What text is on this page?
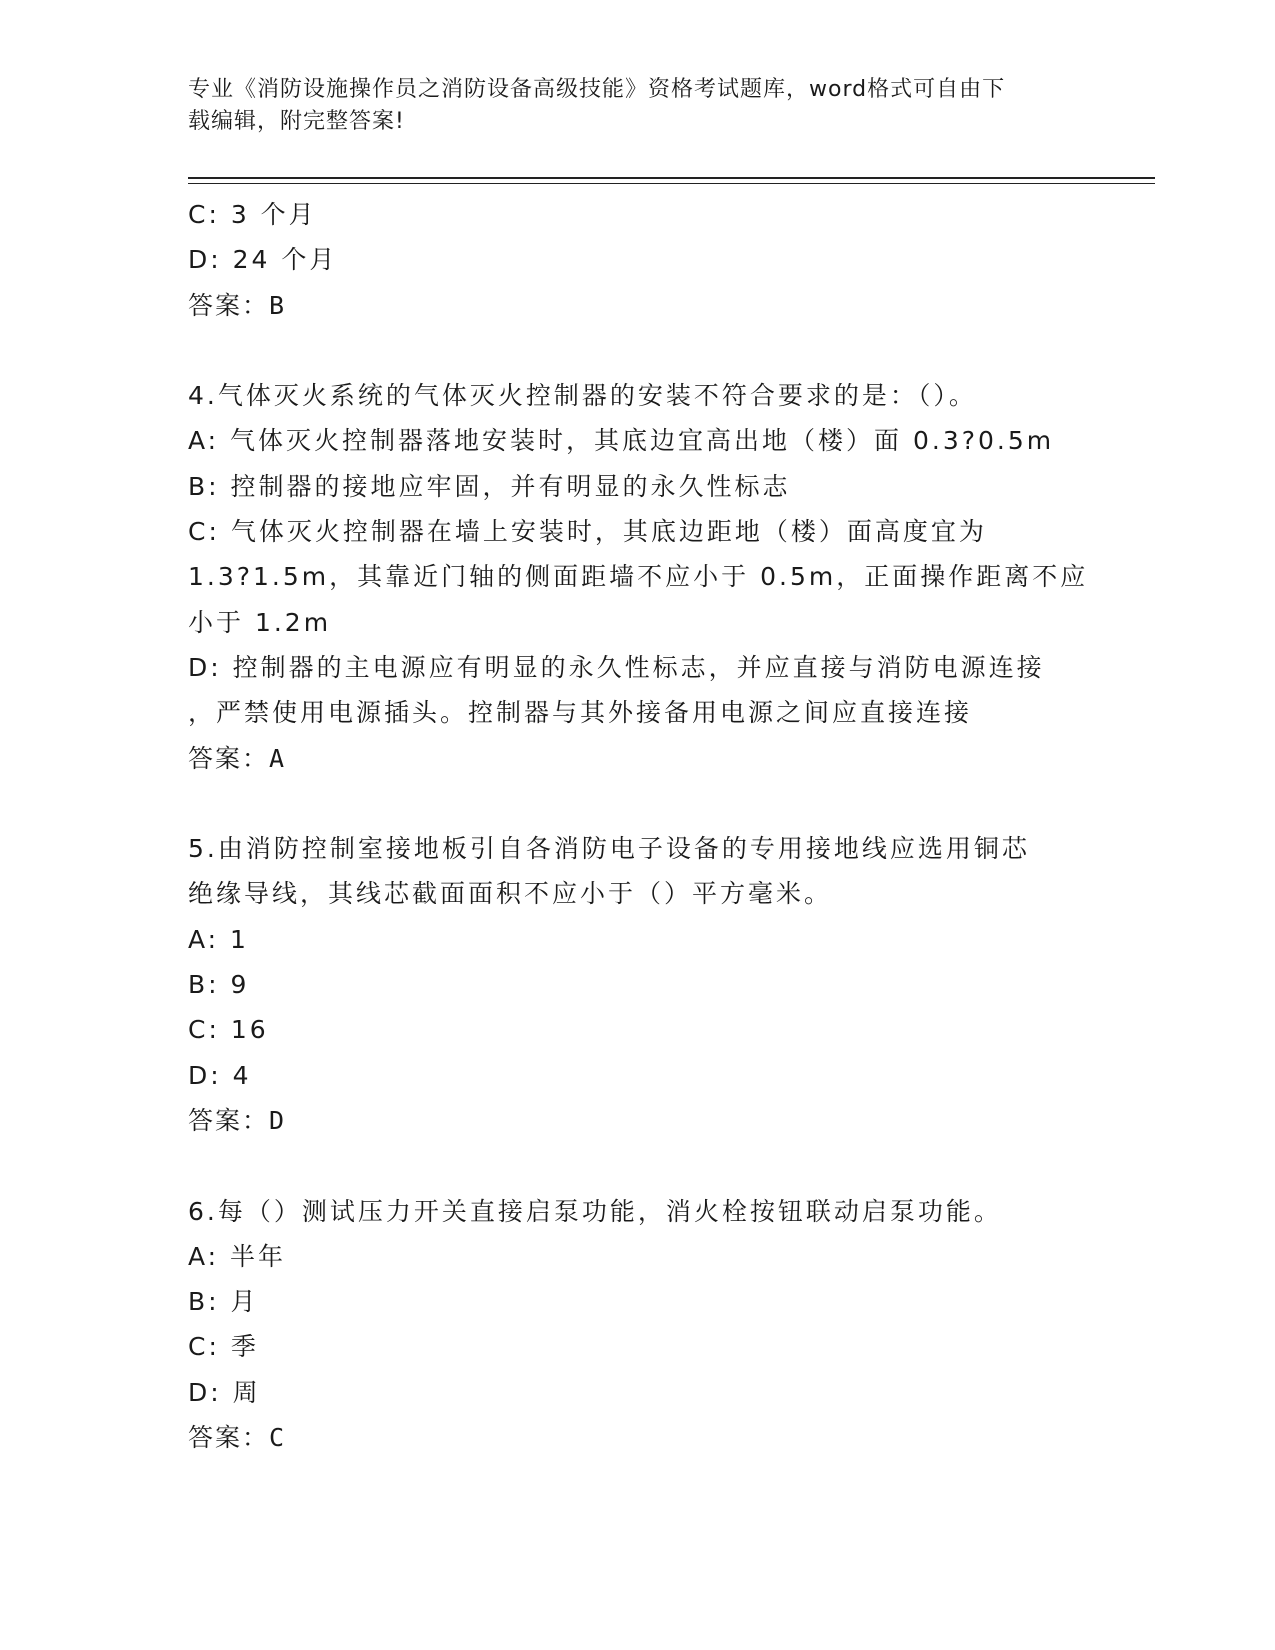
专业《消防设施操作员之消防设备高级技能》资格考试题库，word格式可自由下
载编辑，附完整答案!

C: 3 个月

D: 24 个月

答案：B

4.气体灭火系统的气体灭火控制器的安装不符合要求的是：（）。

A: 气体灭火控制器落地安装时，其底边宜高出地（楼）面 0.3?0.5m

B: 控制器的接地应牢固，并有明显的永久性标志

C: 气体灭火控制器在墙上安装时，其底边距地（楼）面高度宜为

1.3?1.5m，其靠近门轴的侧面距墙不应小于 0.5m，正面操作距离不应

小于 1.2m

D: 控制器的主电源应有明显的永久性标志，并应直接与消防电源连接

，严禁使用电源插头。控制器与其外接备用电源之间应直接连接

答案：A

5.由消防控制室接地板引自各消防电子设备的专用接地线应选用铜芯

绝缘导线，其线芯截面面积不应小于（）平方毫米。

A: 1

B: 9

C: 16

D: 4

答案：D

6.每（）测试压力开关直接启泵功能，消火栓按钮联动启泵功能。

A: 半年

B: 月

C: 季

D: 周

答案：C
